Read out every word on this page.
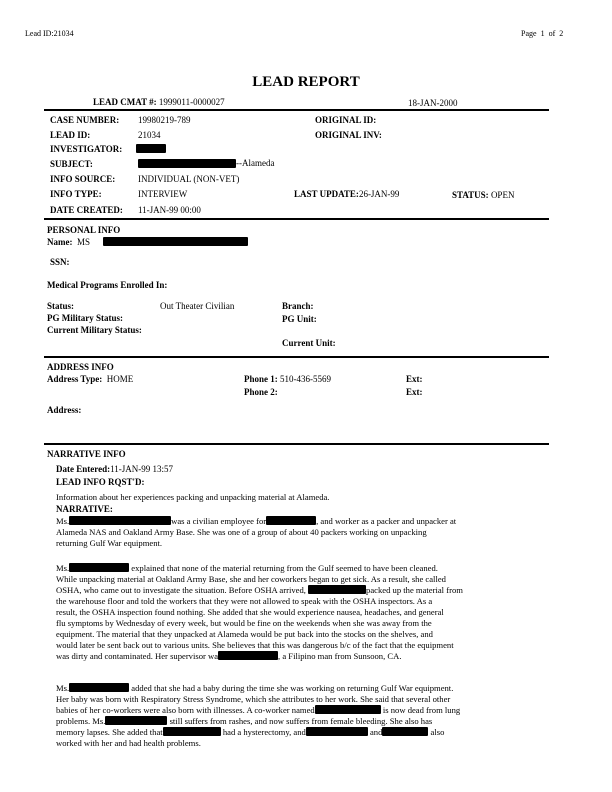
Lead ID:21034	Page 1 of 2
LEAD REPORT
LEAD CMAT #: 1999011-0000027	18-JAN-2000
CASE NUMBER: 19980219-789	ORIGINAL ID:
LEAD ID:	21034	ORIGINAL INV:
INVESTIGATOR:
SUBJECT:	--Alameda
INFO SOURCE:	INDIVIDUAL (NON-VET)
INFO TYPE:	INTERVIEW	LAST UPDATE:26-JAN-99	STATUS: OPEN
DATE CREATED: 11-JAN-99 00:00
PERSONAL INFO
Name: MS
SSN:
Medical Programs Enrolled In:
Status:	Out Theater Civilian	Branch:
PG Military Status:	PG Unit:
Current Military Status:
Current Unit:
ADDRESS INFO
Address Type: HOME	Phone 1: 510-436-5569	Ext:
Phone 2:	Ext:
Address:
NARRATIVE INFO
Date Entered:11-JAN-99 13:57
LEAD INFO RQST'D:
Information about her experiences packing and unpacking material at Alameda.
NARRATIVE:

Ms.	was a civilian employee for	, and worker as a packer and unpacker at

Alameda NAS and Oakland Army Base. She was one of a group of about 40 packers working on unpacking

returning Gulf War equipment.

Ms.	explained that none of the material returning from the Gulf seemed to have been cleaned.

While unpacking material at Oakland Army Base, she and her coworkers began to get sick. As a result, she called

OSHA, who came out to investigate the situation. Before OSHA arrived,	packed up the material from

the warehouse floor and told the workers that they were not allowed to speak with the OSHA inspectors. As a

result, the OSHA inspection found nothing. She added that she would experience nausea, headaches, and general

flu symptoms by Wednesday of every week, but would be fine on the weekends when she was away from the

equipment. The material that they unpacked at Alameda would be put back into the stocks on the shelves, and

would later be sent back out to various units. She believes that this was dangerous b/c of the fact that the equipment

was dirty and contaminated. Her supervisor wa	, a Filipino man from Sunsoon, CA.

Ms.	added that she had a baby during the time she was working on returning Gulf War equipment.

Her baby was born with Respiratory Stress Syndrome, which she attributes to her work. She said that several other

babies of her co-workers were also born with illnesses. A co-worker named	is now dead from lung

problems. Ms.	still suffers from rashes, and now suffers from female bleeding. She also has

memory lapses. She added that	had a hysterectomy, and	and	also

worked with her and had health problems.
